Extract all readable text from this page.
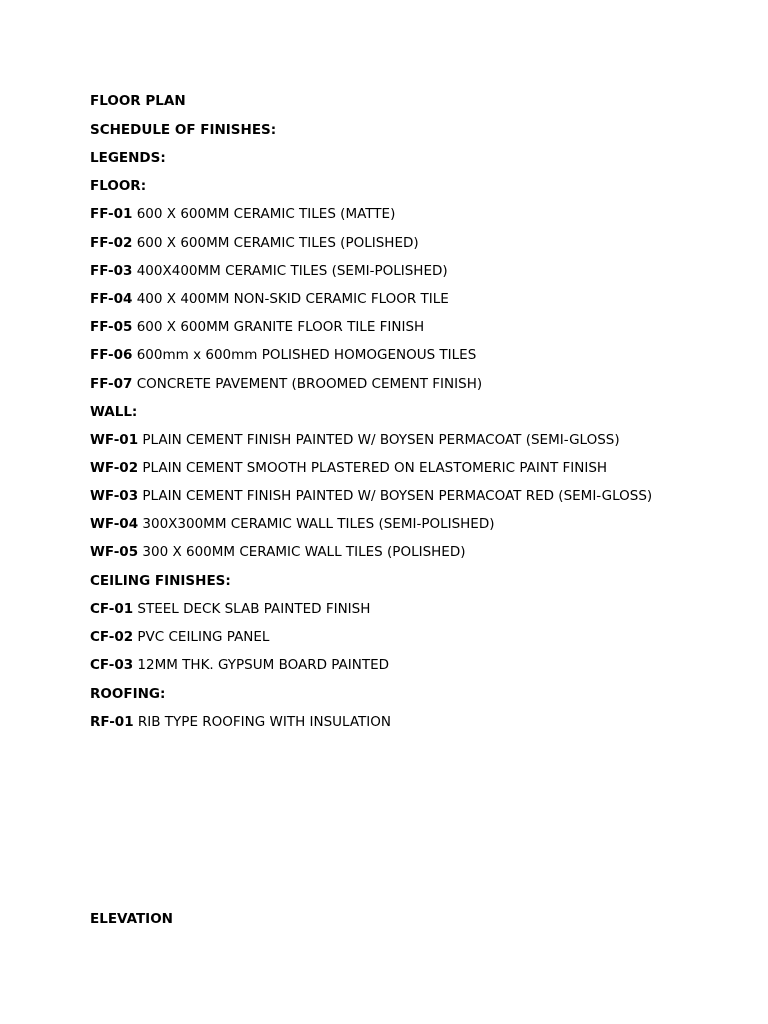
FLOOR PLAN
SCHEDULE OF FINISHES:
LEGENDS:
FLOOR:
FF-01 600 X 600MM CERAMIC TILES (MATTE)
FF-02 600 X 600MM CERAMIC TILES (POLISHED)
FF-03 400X400MM CERAMIC TILES (SEMI-POLISHED)
FF-04 400 X 400MM NON-SKID CERAMIC FLOOR TILE
FF-05 600 X 600MM GRANITE FLOOR TILE FINISH
FF-06 600mm x 600mm POLISHED HOMOGENOUS TILES
FF-07 CONCRETE PAVEMENT (BROOMED CEMENT FINISH)
WALL:
WF-01 PLAIN CEMENT FINISH PAINTED W/ BOYSEN PERMACOAT (SEMI-GLOSS)
WF-02 PLAIN CEMENT SMOOTH PLASTERED ON ELASTOMERIC PAINT FINISH
WF-03 PLAIN CEMENT FINISH PAINTED W/ BOYSEN PERMACOAT RED (SEMI-GLOSS)
WF-04 300X300MM CERAMIC WALL TILES (SEMI-POLISHED)
WF-05 300 X 600MM CERAMIC WALL TILES (POLISHED)
CEILING FINISHES:
CF-01 STEEL DECK SLAB PAINTED FINISH
CF-02 PVC CEILING PANEL
CF-03 12MM THK. GYPSUM BOARD PAINTED
ROOFING:
RF-01 RIB TYPE ROOFING WITH INSULATION
ELEVATION
